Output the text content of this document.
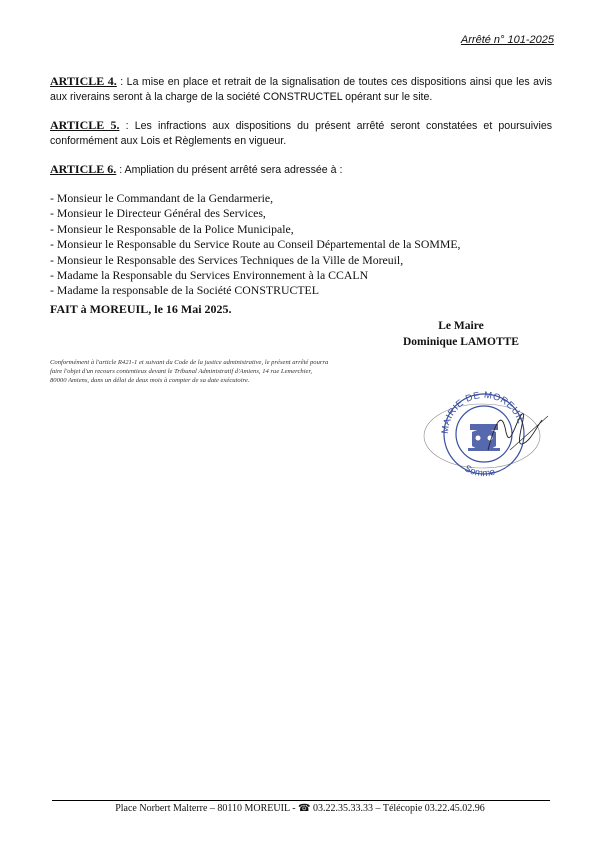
Arrêté n° 101-2025
ARTICLE 4. : La mise en place et retrait de la signalisation de toutes ces dispositions ainsi que les avis aux riverains seront à la charge de la société CONSTRUCTEL opérant sur le site.
ARTICLE 5. : Les infractions aux dispositions du présent arrêté seront constatées et poursuivies conformément aux Lois et Règlements en vigueur.
ARTICLE 6. : Ampliation du présent arrêté sera adressée à :
- Monsieur le Commandant de la Gendarmerie,
- Monsieur le Directeur Général des Services,
- Monsieur le Responsable de la Police Municipale,
- Monsieur le Responsable du Service Route au Conseil Départemental de la SOMME,
- Monsieur le Responsable des Services Techniques de la Ville de Moreuil,
- Madame la Responsable du Services Environnement à la CCALN
- Madame la responsable de la Société CONSTRUCTEL
FAIT à MOREUIL, le 16 Mai 2025.
Le Maire
Dominique LAMOTTE
Conformément à l'article R421-1 et suivant du Code de la justice administrative, le présent arrêté pourra faire l'objet d'un recours contentieux devant le Tribunal Administratif d'Amiens, 14 rue Lemerchier, 80000 Amiens, dans un délai de deux mois à compter de sa date exécutoire.
MAIRIE DE MOREUIL
Somme
Place Norbert Malterre – 80110 MOREUIL - ☎ 03.22.35.33.33 – Télécopie 03.22.45.02.96
